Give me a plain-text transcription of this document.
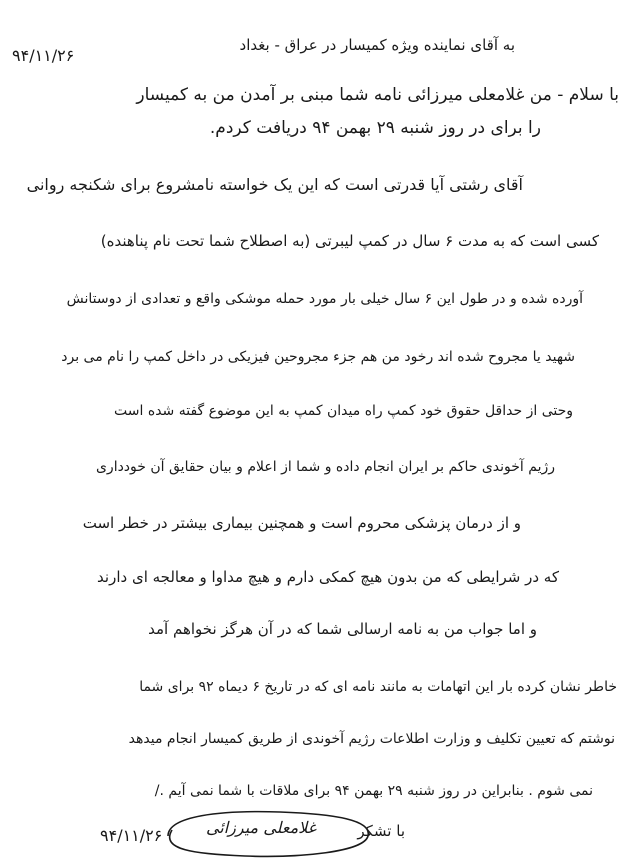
به آقای نماینده ویژه کمیسار در عراق - بغداد
۹۴/۱۱/۲۶
با سلام - من غلامعلی میرزائی نامه شما مبنی بر آمدن من به کمیسار
را برای در روز شنبه ۲۹ بهمن ۹۴ دریافت کردم.
آقای رشتی آیا قدرتی است که این یک خواسته نامشروع برای شکنجه روانی
کسی است که به مدت ۶ سال در کمپ لیبرتی (به اصطلاح شما تحت نام پناهنده)
آورده شده و در طول این ۶ سال خیلی بار مورد حمله موشکی واقع و تعدادی از دوستانش
شهید یا مجروح شده اند رخود من هم جزء مجروحین فیزیکی در داخل کمپ را نام می برد
وحتی از حداقل حقوق خود کمپ راه میدان کمپ به این موضوع گفته شده است
رژیم آخوندی حاکم بر ایران انجام داده و شما از اعلام و بیان حقایق آن خودداری
و از درمان پزشکی محروم است و همچنین بیماری بیشتر در خطر است
که در شرایطی که من بدون هیچ کمکی دارم و هیچ مداوا و معالجه ای دارند
و اما جواب من به نامه ارسالی شما که در آن هرگز نخواهم آمد
خاطر نشان کرده بار این اتهامات به مانند نامه ای که در تاریخ ۶ دیماه ۹۲ برای شما
نوشتم که تعیین تکلیف و وزارت اطلاعات رژیم آخوندی از طریق کمیسار انجام میدهد
نمی شوم . بنابراین در روز شنبه ۲۹ بهمن ۹۴ برای ملاقات با شما نمی آیم ./
با تشکر
غلامعلی میرزائی
۹۴/۱۱/۲۶
